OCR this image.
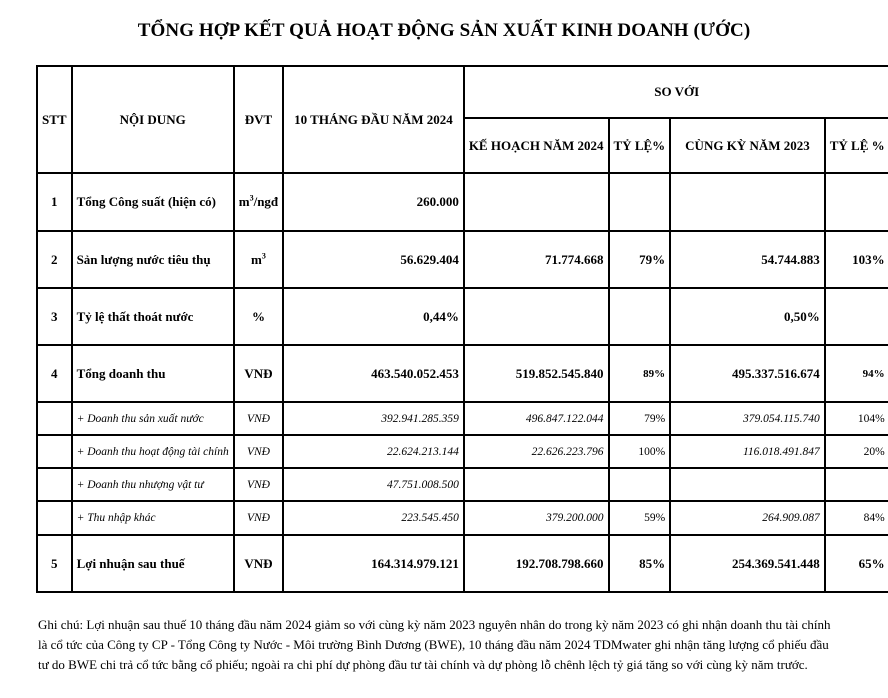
TỔNG HỢP KẾT QUẢ HOẠT ĐỘNG SẢN XUẤT KINH DOANH (ƯỚC)
STT	NỘI DUNG	ĐVT	10 THÁNG ĐẦU NĂM 2024	SO VỚI			
				KẾ HOẠCH NĂM 2024	TỶ LỆ%	CÙNG KỲ NĂM 2023	TỶ LỆ %
1	Tổng Công suất (hiện có)	$m^3$/ngđ	260.000				
2	Sản lượng nước tiêu thụ	$m^3$	56.629.404	71.774.668	79%	54.744.883	103%
3	Tỷ lệ thất thoát nước	%	0,44%			0,50%	
4	Tổng doanh thu	VNĐ	463.540.052.453	519.852.545.840	89%	495.337.516.674	94%
	+ Doanh thu sản xuất nước	VNĐ	392.941.285.359	496.847.122.044	79%	379.054.115.740	104%
	+ Doanh thu hoạt động tài chính	VNĐ	22.624.213.144	22.626.223.796	100%	116.018.491.847	20%
	+ Doanh thu nhượng vật tư	VNĐ	47.751.008.500				
	+ Thu nhập khác	VNĐ	223.545.450	379.200.000	59%	264.909.087	84%
5	Lợi nhuận sau thuế	VNĐ	164.314.979.121	192.708.798.660	85%	254.369.541.448	65%
Ghi chú: Lợi nhuận sau thuế 10 tháng đầu năm 2024 giảm so với cùng kỳ năm 2023 nguyên nhân do trong kỳ năm 2023 có ghi nhận doanh thu tài chính là cổ tức của Công ty CP - Tổng Công ty Nước - Môi trường Bình Dương (BWE), 10 tháng đầu năm 2024 TDMwater ghi nhận tăng lượng cổ phiếu đầu tư do BWE chi trả cổ tức bằng cổ phiếu; ngoài ra chi phí dự phòng đầu tư tài chính và dự phòng lỗ chênh lệch tỷ giá tăng so với cùng kỳ năm trước.
